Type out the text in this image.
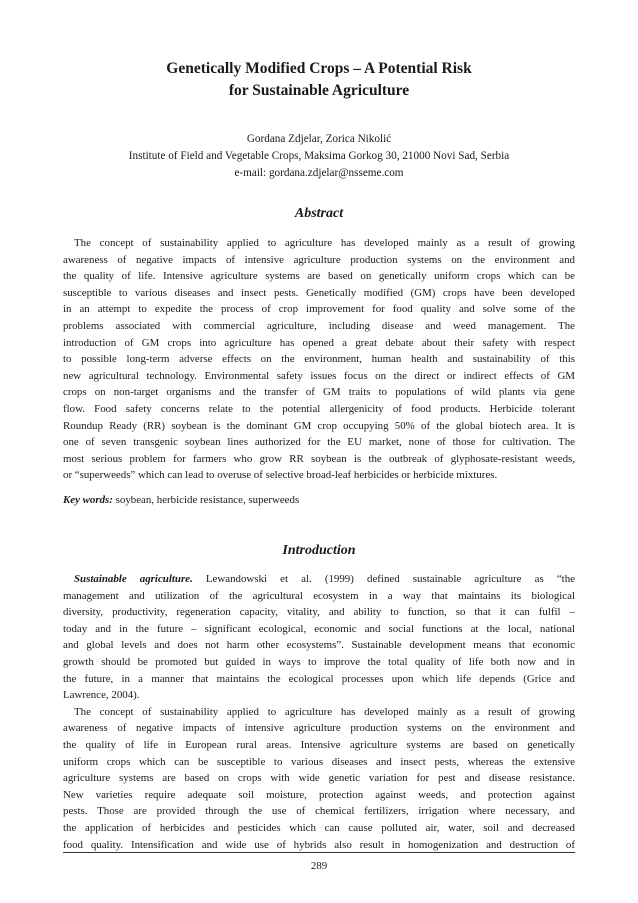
Genetically Modified Crops – A Potential Risk
for Sustainable Agriculture
Gordana Zdjelar, Zorica Nikolić
Institute of Field and Vegetable Crops, Maksima Gorkog 30, 21000 Novi Sad, Serbia
e-mail: gordana.zdjelar@nsseme.com
Abstract
The concept of sustainability applied to agriculture has developed mainly as a result of growing
awareness of negative impacts of intensive agriculture production systems on the environment and
the quality of life. Intensive agriculture systems are based on genetically uniform crops which can be
susceptible to various diseases and insect pests. Genetically modified (GM) crops have been developed
in an attempt to expedite the process of crop improvement for food quality and solve some of the
problems associated with commercial agriculture, including disease and weed management. The
introduction of GM crops into agriculture has opened a great debate about their safety with respect
to possible long-term adverse effects on the environment, human health and sustainability of this
new agricultural technology. Environmental safety issues focus on the direct or indirect effects of GM
crops on non-target organisms and the transfer of GM traits to populations of wild plants via gene
flow. Food safety concerns relate to the potential allergenicity of food products. Herbicide tolerant
Roundup Ready (RR) soybean is the dominant GM crop occupying 50% of the global biotech area. It is
one of seven transgenic soybean lines authorized for the EU market, none of those for cultivation. The
most serious problem for farmers who grow RR soybean is the outbreak of glyphosate-resistant weeds,
or “superweeds” which can lead to overuse of selective broad-leaf herbicides or herbicide mixtures.
Key words: soybean, herbicide resistance, superweeds
Introduction
Sustainable agriculture. Lewandowski et al. (1999) defined sustainable agriculture as “the
management and utilization of the agricultural ecosystem in a way that maintains its biological
diversity, productivity, regeneration capacity, vitality, and ability to function, so that it can fulfil –
today and in the future – significant ecological, economic and social functions at the local, national
and global levels and does not harm other ecosystems”. Sustainable development means that economic
growth should be promoted but guided in ways to improve the total quality of life both now and in
the future, in a manner that maintains the ecological processes upon which life depends (Grice and
Lawrence, 2004).
The concept of sustainability applied to agriculture has developed mainly as a result of growing
awareness of negative impacts of intensive agriculture production systems on the environment and
the quality of life in European rural areas. Intensive agriculture systems are based on genetically
uniform crops which can be susceptible to various diseases and insect pests, whereas the extensive
agriculture systems are based on crops with wide genetic variation for pest and disease resistance.
New varieties require adequate soil moisture, protection against weeds, and protection against
pests. Those are provided through the use of chemical fertilizers, irrigation where necessary, and
the application of herbicides and pesticides which can cause polluted air, water, soil and decreased
food quality. Intensification and wide use of hybrids also result in homogenization and destruction of
289
